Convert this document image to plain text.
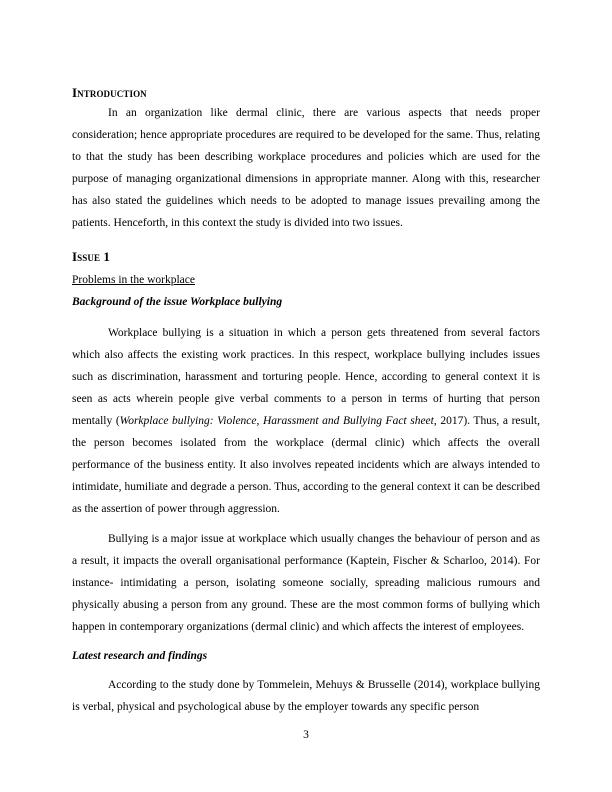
Introduction

In an organization like dermal clinic, there are various aspects that needs proper consideration; hence appropriate procedures are required to be developed for the same. Thus, relating to that the study has been describing workplace procedures and policies which are used for the purpose of managing organizational dimensions in appropriate manner. Along with this, researcher has also stated the guidelines which needs to be adopted to manage issues prevailing among the patients. Henceforth, in this context the study is divided into two issues.

Issue 1

Problems in the workplace

Background of the issue Workplace bullying

Workplace bullying is a situation in which a person gets threatened from several factors which also affects the existing work practices. In this respect, workplace bullying includes issues such as discrimination, harassment and torturing people. Hence, according to general context it is seen as acts wherein people give verbal comments to a person in terms of hurting that person mentally (Workplace bullying: Violence, Harassment and Bullying Fact sheet, 2017). Thus, a result, the person becomes isolated from the workplace (dermal clinic) which affects the overall performance of the business entity. It also involves repeated incidents which are always intended to intimidate, humiliate and degrade a person. Thus, according to the general context it can be described as the assertion of power through aggression.

Bullying is a major issue at workplace which usually changes the behaviour of person and as a result, it impacts the overall organisational performance (Kaptein, Fischer & Scharloo, 2014). For instance- intimidating a person, isolating someone socially, spreading malicious rumours and physically abusing a person from any ground. These are the most common forms of bullying which happen in contemporary organizations (dermal clinic) and which affects the interest of employees.

Latest research and findings

According to the study done by Tommelein, Mehuys & Brusselle (2014), workplace bullying is verbal, physical and psychological abuse by the employer towards any specific person

3
